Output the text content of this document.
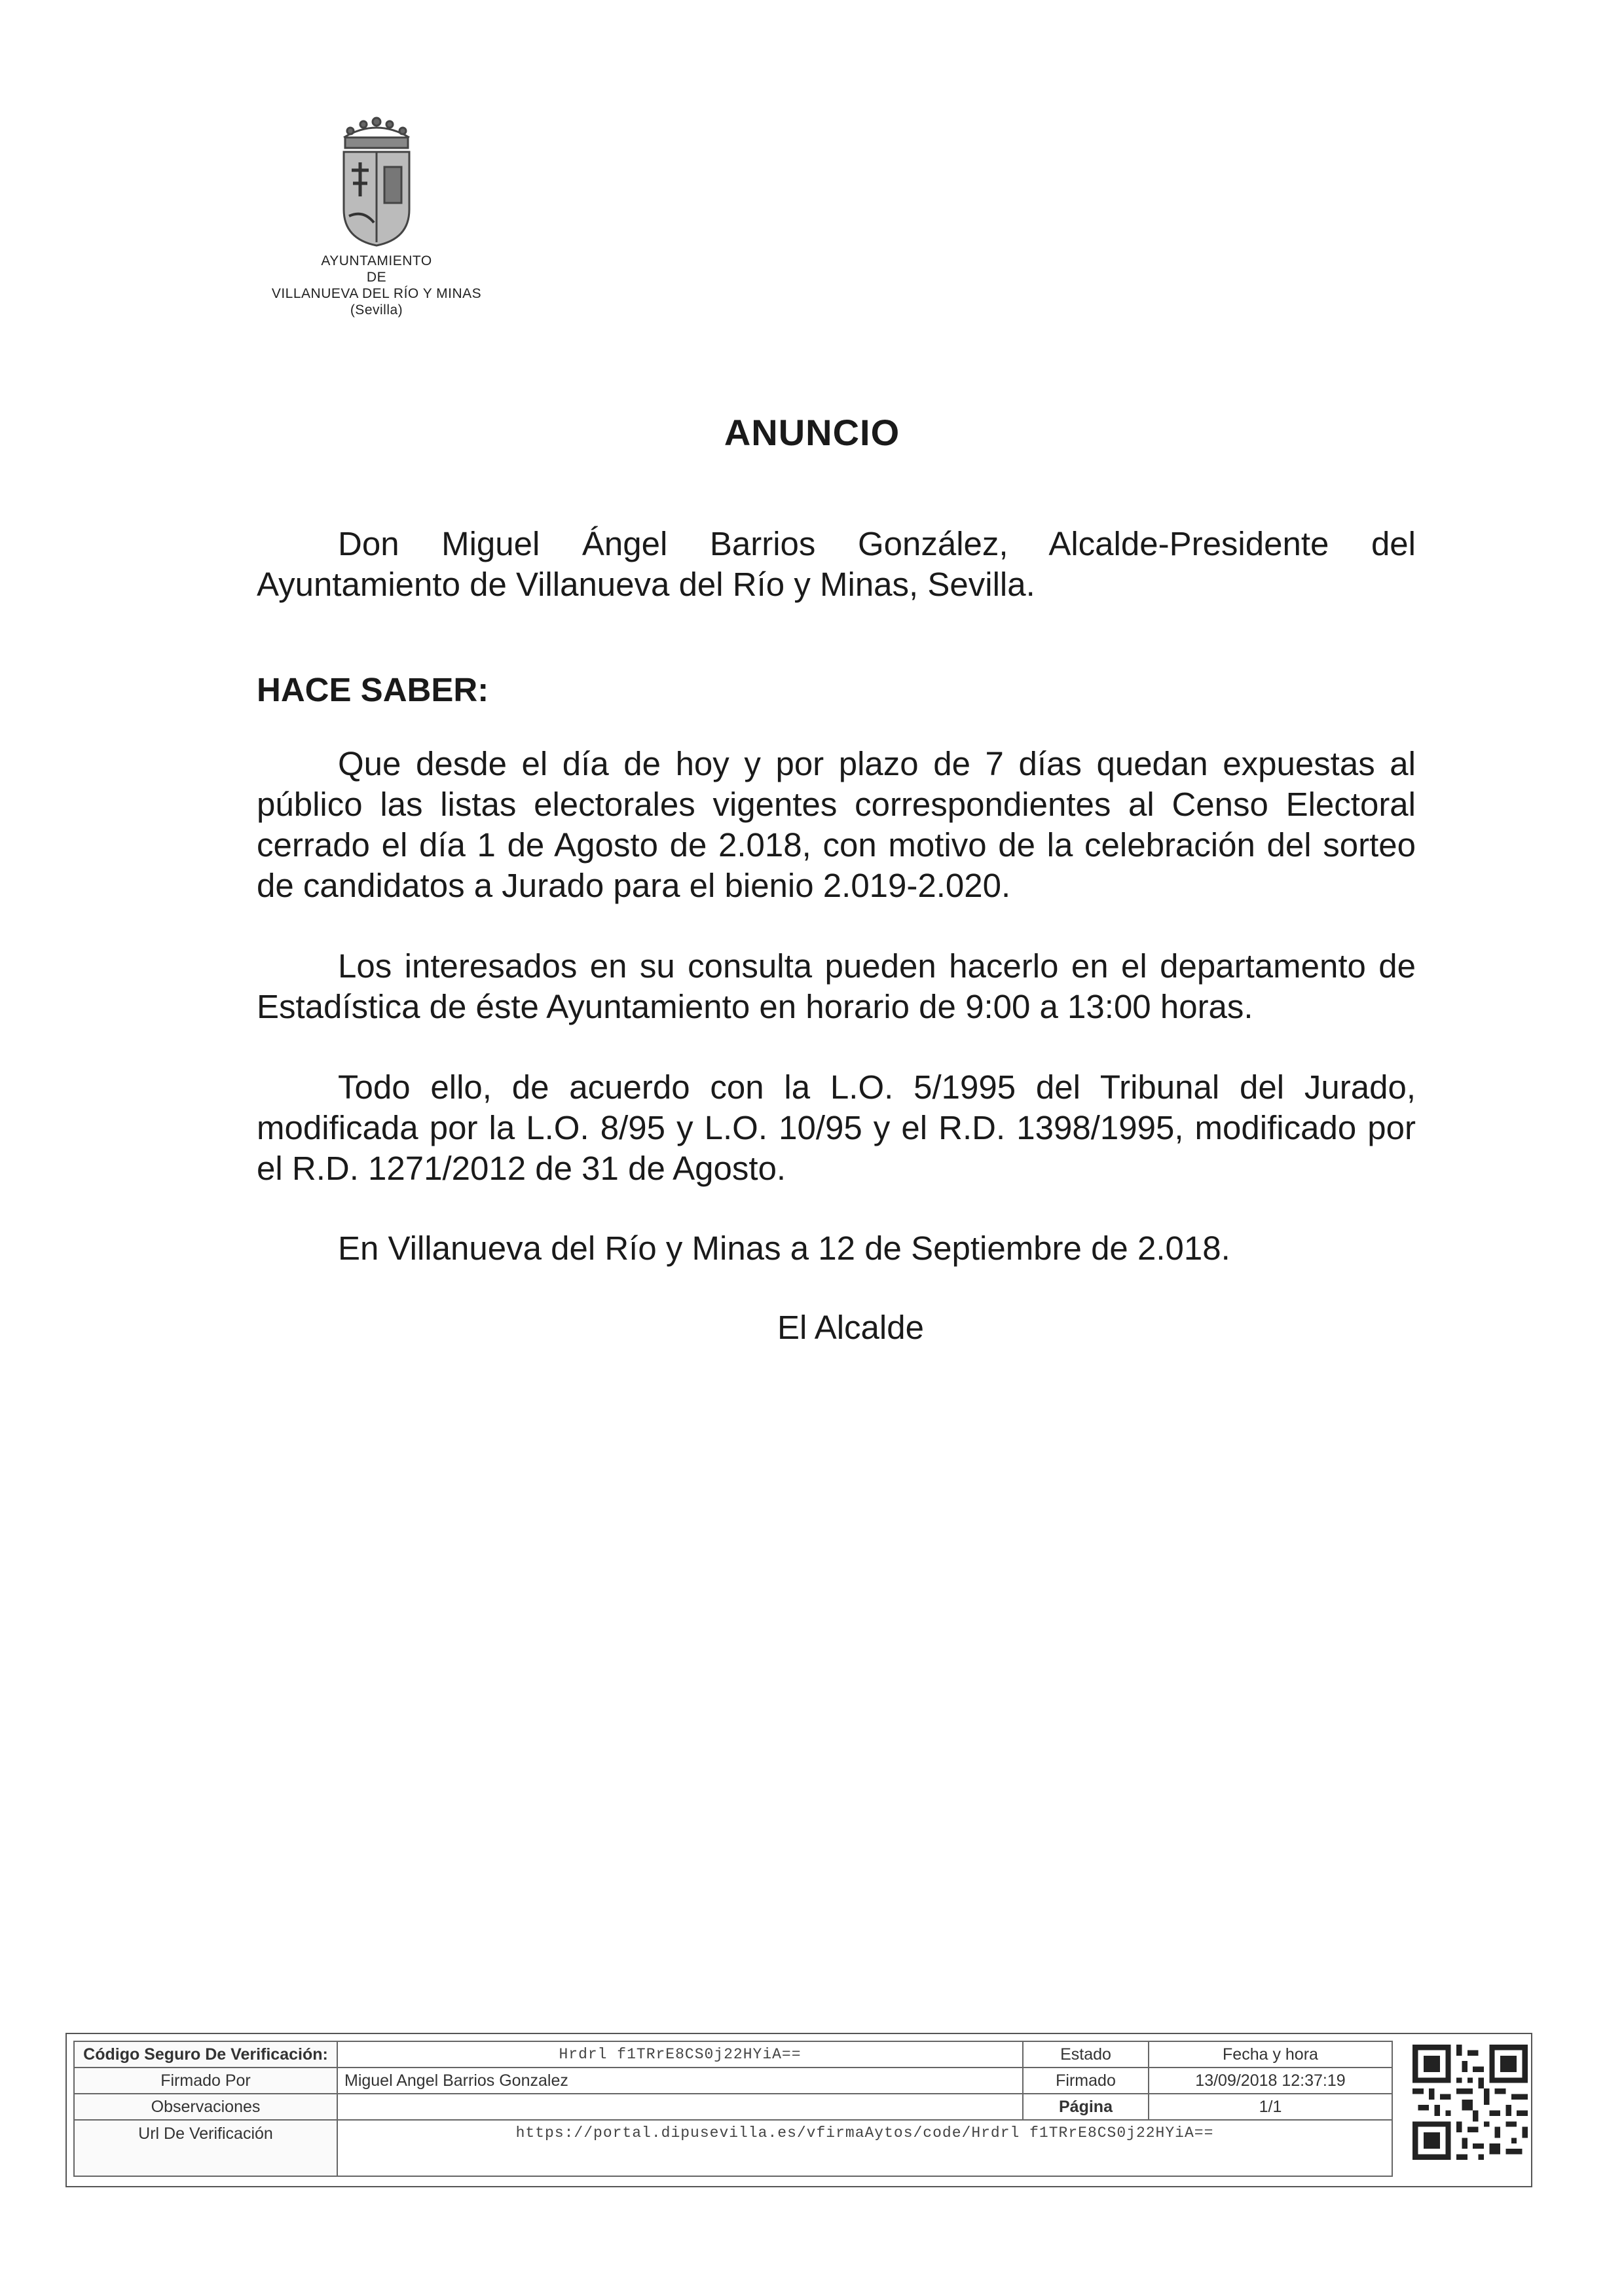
AYUNTAMIENTO
DE
VILLANUEVA DEL RÍO Y MINAS
(Sevilla)
ANUNCIO
Don Miguel Ángel Barrios González, Alcalde-Presidente del Ayuntamiento de Villanueva del Río y Minas, Sevilla.
HACE SABER:
Que desde el día de hoy y por plazo de 7 días quedan expuestas al público las listas electorales vigentes correspondientes al Censo Electoral cerrado el día 1 de Agosto de 2.018, con motivo de la celebración del sorteo de candidatos a Jurado para el bienio 2.019-2.020.
Los interesados en su consulta pueden hacerlo en el departamento de Estadística de éste Ayuntamiento en horario de 9:00 a 13:00 horas.
Todo ello, de acuerdo con la L.O. 5/1995 del Tribunal del Jurado, modificada por la L.O. 8/95 y L.O. 10/95 y el R.D. 1398/1995, modificado por el R.D. 1271/2012 de 31 de Agosto.
En Villanueva del Río y Minas a 12 de Septiembre de 2.018.
El Alcalde
Código Seguro De Verificación:	Hrdrl f1TRrE8CS0j22HYiA==	Estado	Fecha y hora
Firmado Por	Miguel Angel Barrios Gonzalez	Firmado	13/09/2018 12:37:19
Observaciones		Página	1/1
Url De Verificación	https://portal.dipusevilla.es/vfirmaAytos/code/Hrdrl f1TRrE8CS0j22HYiA==		
